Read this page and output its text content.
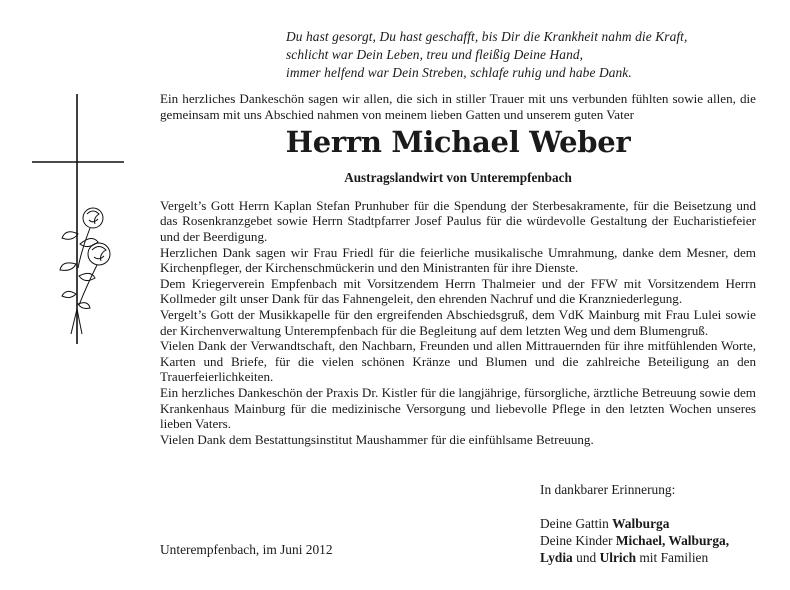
Du hast gesorgt, Du hast geschafft, bis Dir die Krankheit nahm die Kraft,
schlicht war Dein Leben, treu und fleißig Deine Hand,
immer helfend war Dein Streben, schlafe ruhig und habe Dank.

Ein herzliches Dankeschön sagen wir allen, die sich in stiller Trauer mit uns verbunden fühlten sowie allen, die gemeinsam mit uns Abschied nahmen von meinem lieben Gatten und unserem guten Vater

Herrn Michael Weber
Austragslandwirt von Unterempfenbach

Vergelt’s Gott Herrn Kaplan Stefan Prunhuber für die Spendung der Sterbesakramente, für die Beisetzung und das Rosenkranzgebet sowie Herrn Stadtpfarrer Josef Paulus für die würdevolle Gestaltung der Eucharistiefeier und der Beerdigung.

Herzlichen Dank sagen wir Frau Friedl für die feierliche musikalische Umrahmung, danke dem Mesner, dem Kirchenpfleger, der Kirchenschmückerin und den Ministranten für ihre Dienste.

Dem Kriegerverein Empfenbach mit Vorsitzendem Herrn Thalmeier und der FFW mit Vorsitzendem Herrn Kollmeder gilt unser Dank für das Fahnengeleit, den ehrenden Nachruf und die Kranzniederlegung.

Vergelt’s Gott der Musikkapelle für den ergreifenden Abschiedsgruß, dem VdK Mainburg mit Frau Lulei sowie der Kirchenverwaltung Unterempfenbach für die Begleitung auf dem letzten Weg und dem Blumengruß.

Vielen Dank der Verwandtschaft, den Nachbarn, Freunden und allen Mittrauernden für ihre mitfühlenden Worte, Karten und Briefe, für die vielen schönen Kränze und Blumen und die zahlreiche Beteiligung an den Trauerfeierlichkeiten.

Ein herzliches Dankeschön der Praxis Dr. Kistler für die langjährige, fürsorgliche, ärztliche Betreuung sowie dem Krankenhaus Mainburg für die medizinische Versorgung und liebevolle Pflege in den letzten Wochen unseres lieben Vaters.

Vielen Dank dem Bestattungsinstitut Maushammer für die einfühlsame Betreuung.

In dankbarer Erinnerung:
Deine Gattin Walburga
Deine Kinder Michael, Walburga,
Lydia und Ulrich mit Familien
Unterempfenbach, im Juni 2012
